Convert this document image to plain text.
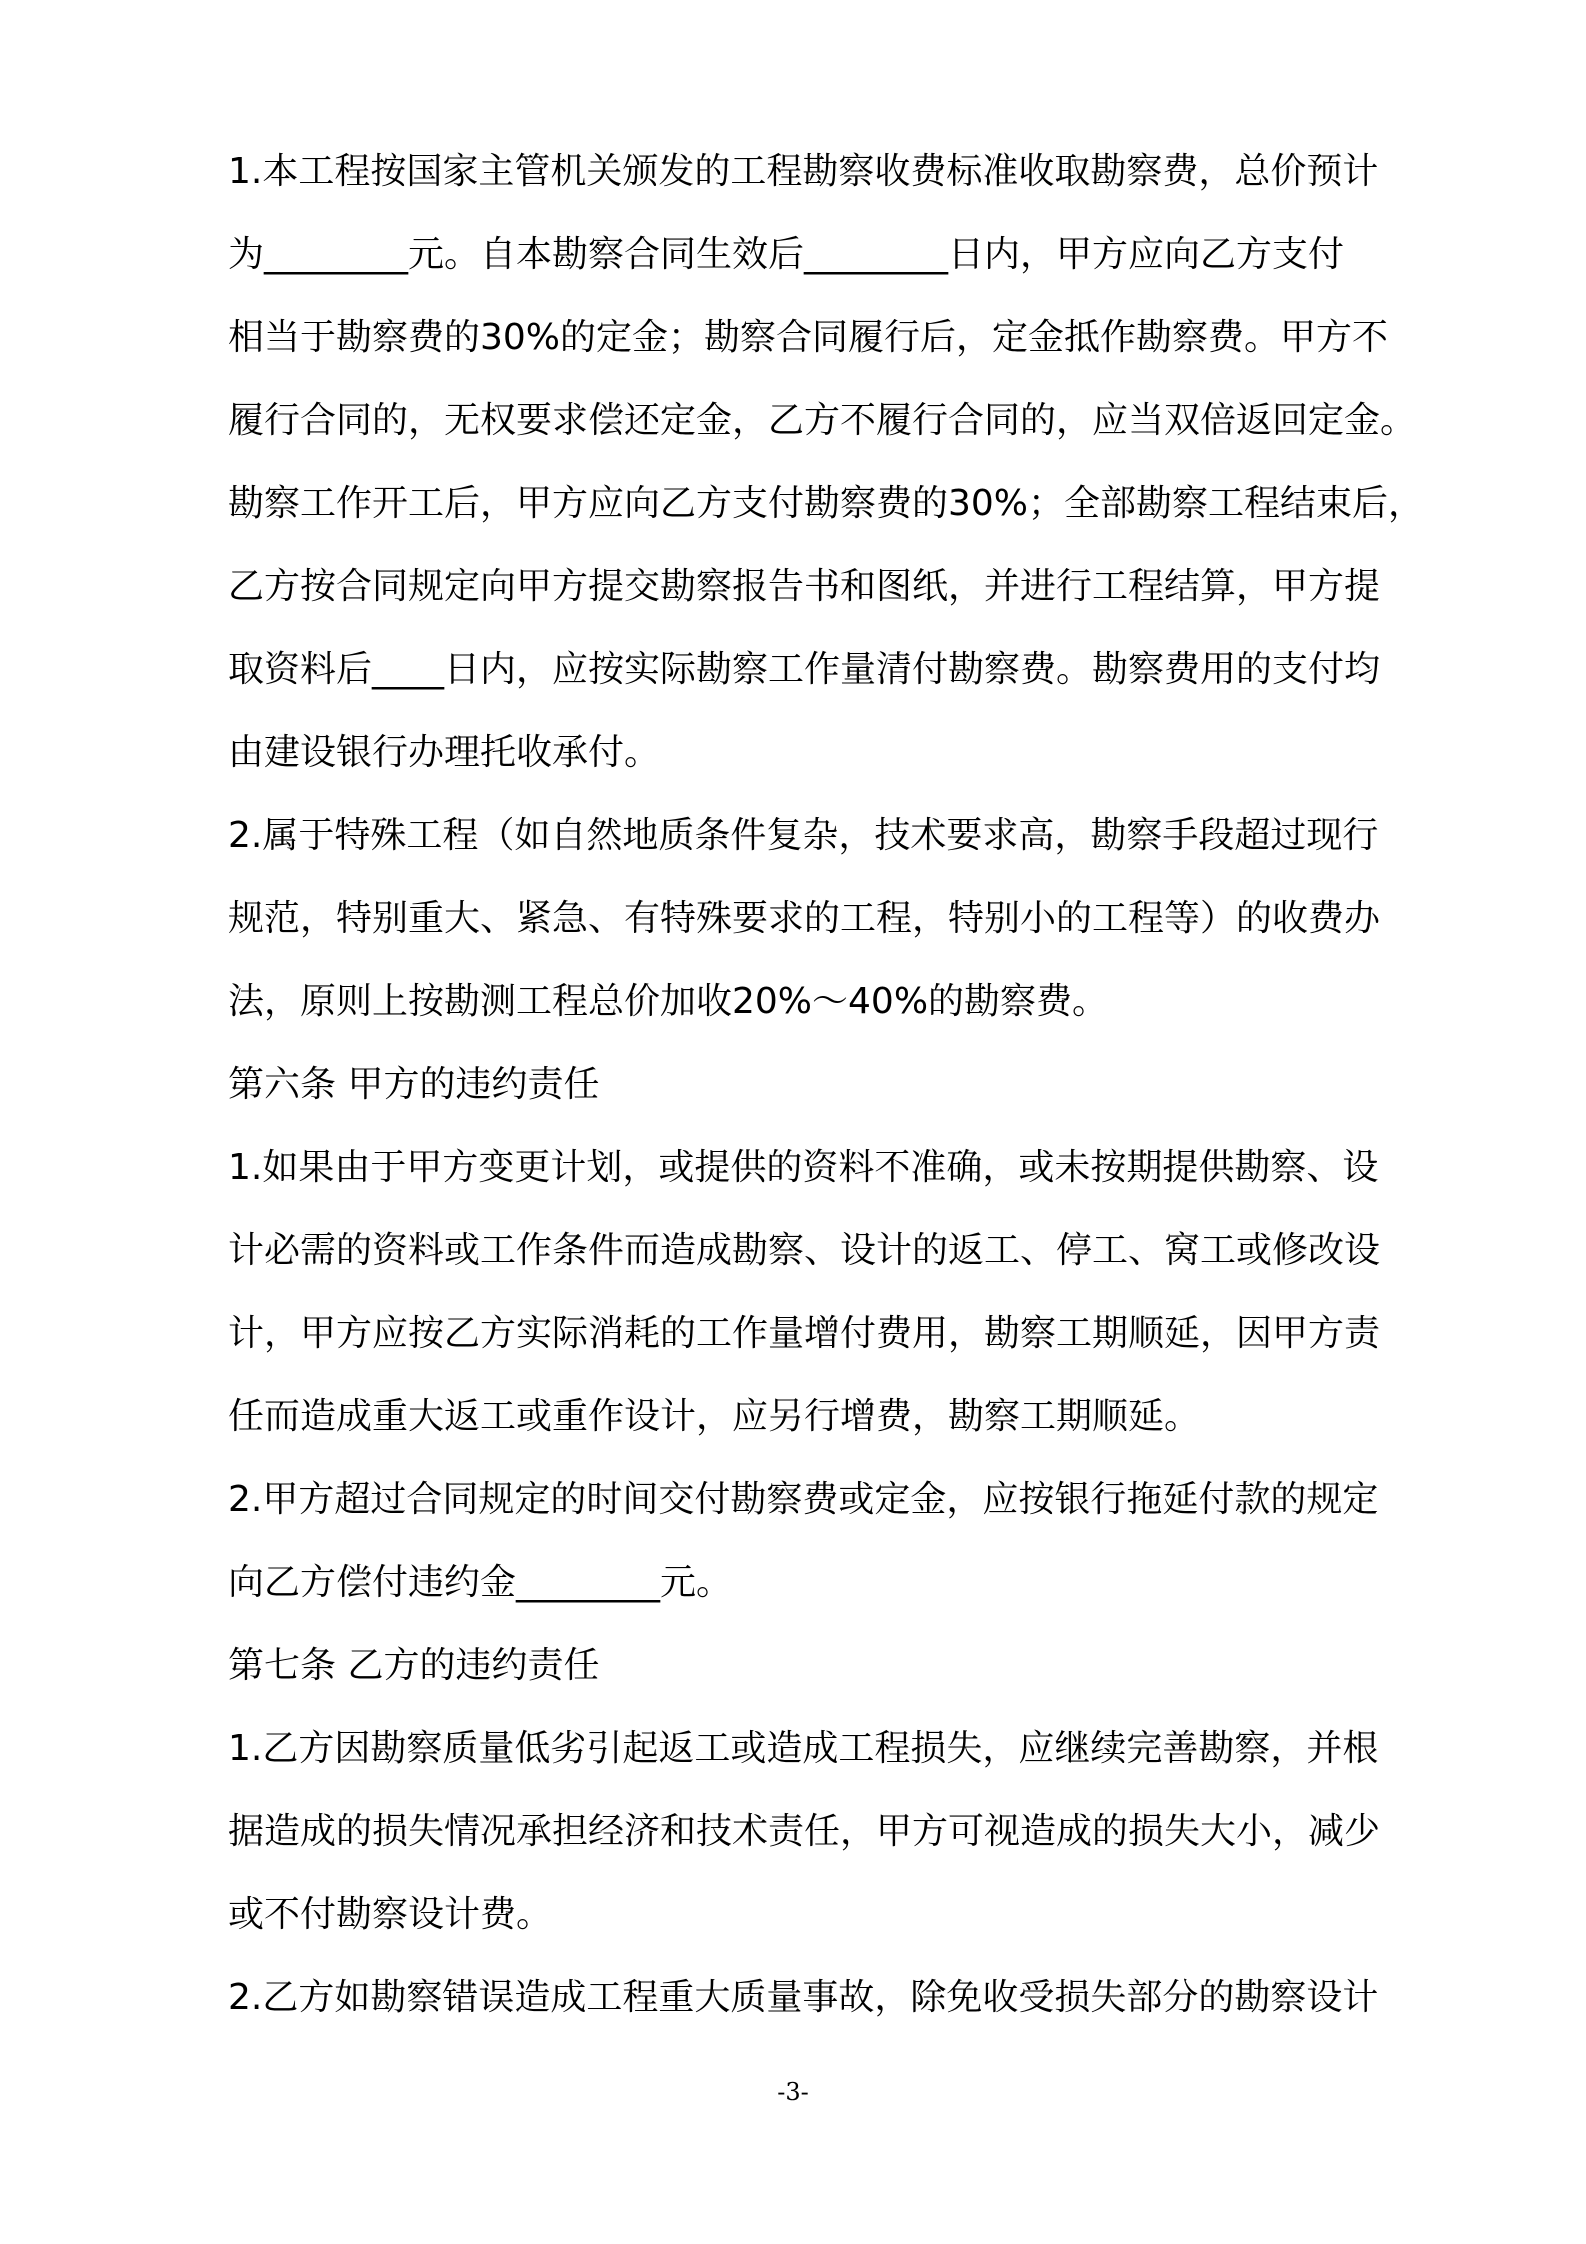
1.本工程按国家主管机关颁发的工程勘察收费标准收取勘察费，总价预计
为________元。自本勘察合同生效后________日内，甲方应向乙方支付
相当于勘察费的30%的定金；勘察合同履行后，定金抵作勘察费。甲方不
履行合同的，无权要求偿还定金，乙方不履行合同的，应当双倍返回定金。
勘察工作开工后，甲方应向乙方支付勘察费的30%；全部勘察工程结束后，
乙方按合同规定向甲方提交勘察报告书和图纸，并进行工程结算，甲方提
取资料后____日内，应按实际勘察工作量清付勘察费。勘察费用的支付均
由建设银行办理托收承付。
2.属于特殊工程（如自然地质条件复杂，技术要求高，勘察手段超过现行
规范，特别重大、紧急、有特殊要求的工程，特别小的工程等）的收费办
法，原则上按勘测工程总价加收20%～40%的勘察费。
第六条 甲方的违约责任
1.如果由于甲方变更计划，或提供的资料不准确，或未按期提供勘察、设
计必需的资料或工作条件而造成勘察、设计的返工、停工、窝工或修改设
计，甲方应按乙方实际消耗的工作量增付费用，勘察工期顺延，因甲方责
任而造成重大返工或重作设计，应另行增费，勘察工期顺延。
2.甲方超过合同规定的时间交付勘察费或定金，应按银行拖延付款的规定
向乙方偿付违约金________元。
第七条 乙方的违约责任
1.乙方因勘察质量低劣引起返工或造成工程损失，应继续完善勘察，并根
据造成的损失情况承担经济和技术责任，甲方可视造成的损失大小，减少
或不付勘察设计费。
2.乙方如勘察错误造成工程重大质量事故，除免收受损失部分的勘察设计
-3-
